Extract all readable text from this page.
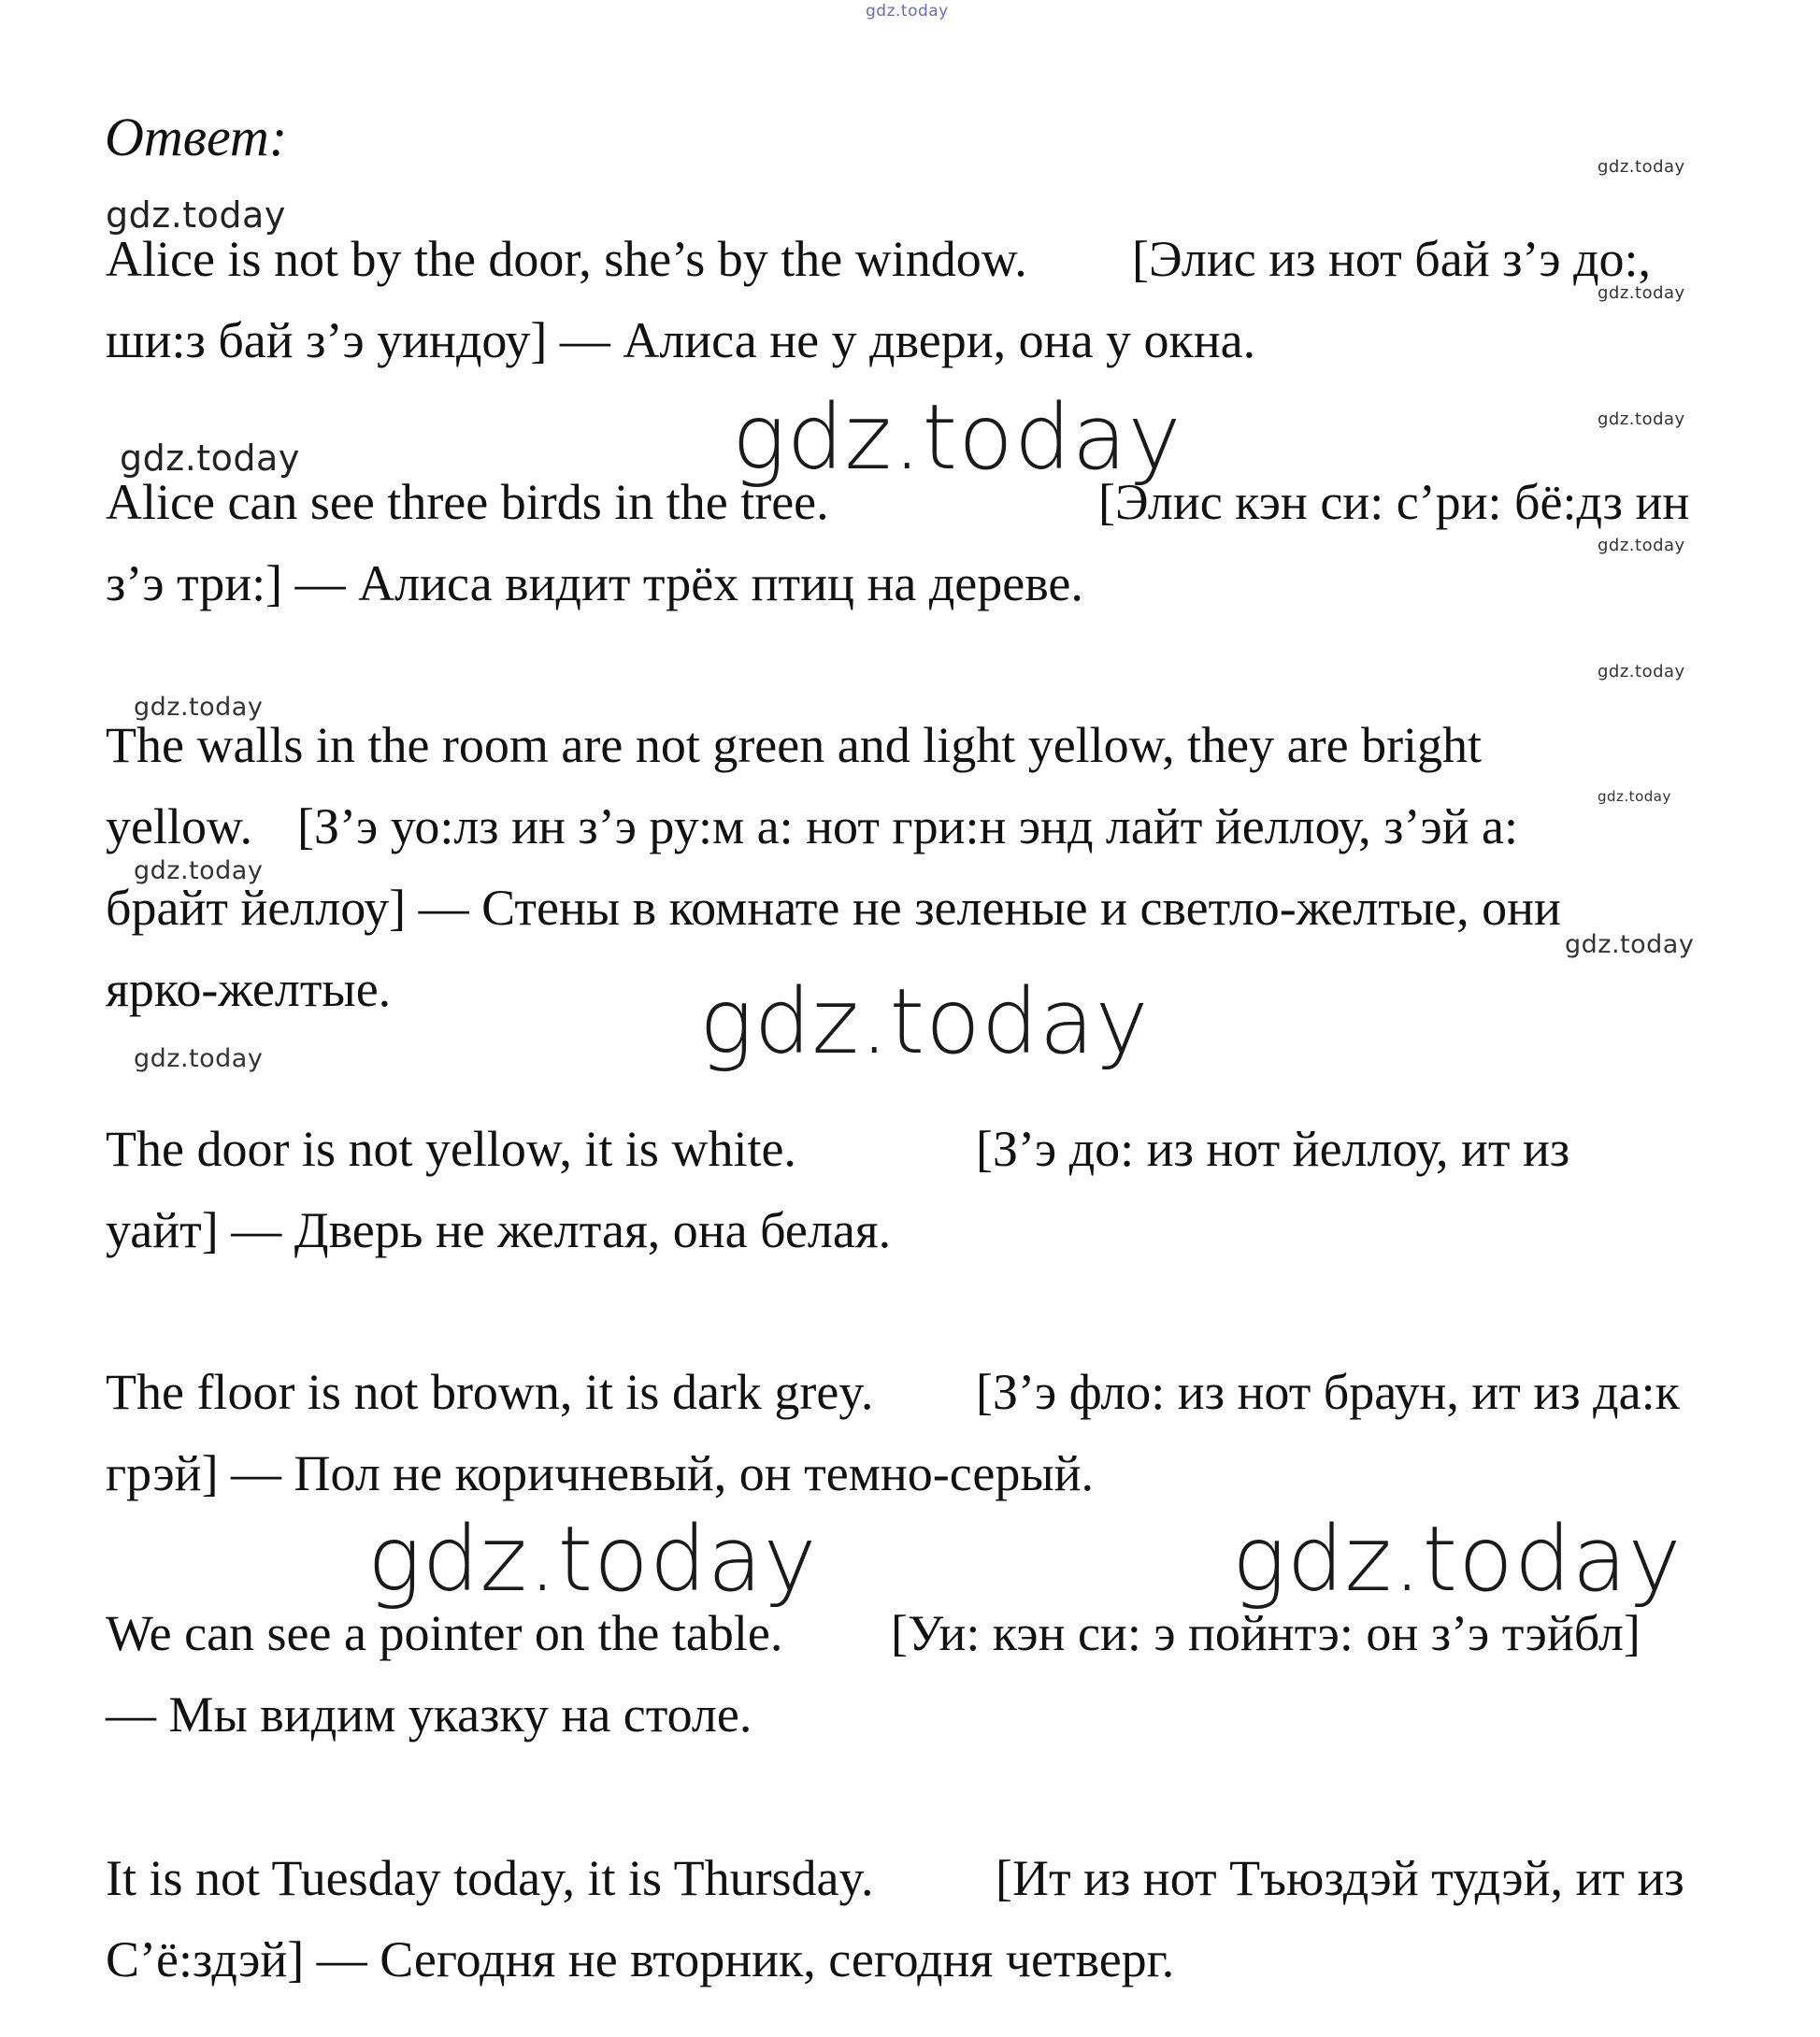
gdz.today
gdz.today
gdz.today
gdz.today
gdz.today
gdz.today
gdz.today
gdz.today
gdz.today
gdz.today
gdz.today
gdz.today
gdz.today
gdz.today
gdz.today
gdz.today	gdz.today
Ответ:
Alice is not by the door, she’s by the window. [Элис из нот бай з’э до:,
ши:з бай з’э уиндоу] — Алиса не у двери, она у окна.
Alice can see three birds in the tree.	[Элис кэн си: с’ри: бё:дз ин
з’э три:] — Алиса видит трёх птиц на дереве.
The walls in the room are not green and light yellow, they are bright
yellow. [З’э уо:лз ин з’э ру:м а: нот гри:н энд лайт йеллоу, з’эй а:
брайт йеллоу] — Стены в комнате не зеленые и светло-желтые, они
ярко-желтые.
The door is not yellow, it is white.	[З’э до: из нот йеллоу, ит из
уайт] — Дверь не желтая, она белая.
The floor is not brown, it is dark grey. [З’э фло: из нот браун, ит из да:к
грэй] — Пол не коричневый, он темно-серый.
We can see a pointer on the table. [Уи: кэн си: э пойнтэ: он з’э тэйбл]
— Мы видим указку на столе.
It is not Tuesday today, it is Thursday. [Ит из нот Тъюздэй тудэй, ит из
С’ё:здэй] — Сегодня не вторник, сегодня четверг.
